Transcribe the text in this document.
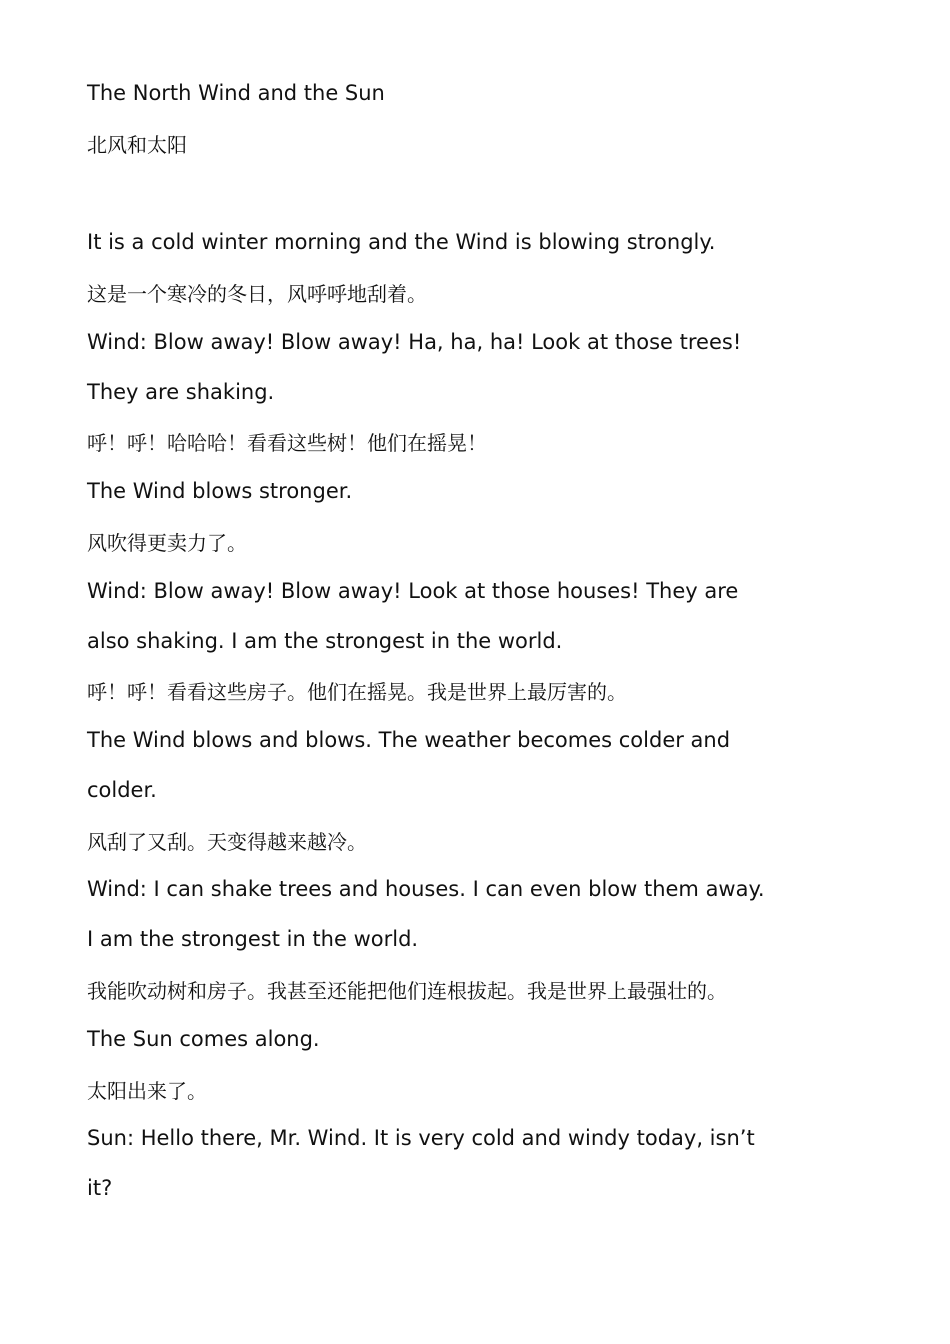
The North Wind and the Sun
北风和太阳
It is a cold winter morning and the Wind is blowing strongly.
这是一个寒冷的冬日，风呼呼地刮着。
Wind: Blow away! Blow away! Ha, ha, ha! Look at those trees!
They are shaking.
呼！呼！哈哈哈！看看这些树！他们在摇晃！
The Wind blows stronger.
风吹得更卖力了。
Wind: Blow away! Blow away! Look at those houses! They are
also shaking. I am the strongest in the world.
呼！呼！看看这些房子。他们在摇晃。我是世界上最厉害的。
The Wind blows and blows. The weather becomes colder and
colder.
风刮了又刮。天变得越来越冷。
Wind: I can shake trees and houses. I can even blow them away.
I am the strongest in the world.
我能吹动树和房子。我甚至还能把他们连根拔起。我是世界上最强壮的。
The Sun comes along.
太阳出来了。
Sun: Hello there, Mr. Wind. It is very cold and windy today, isn’t
it?
